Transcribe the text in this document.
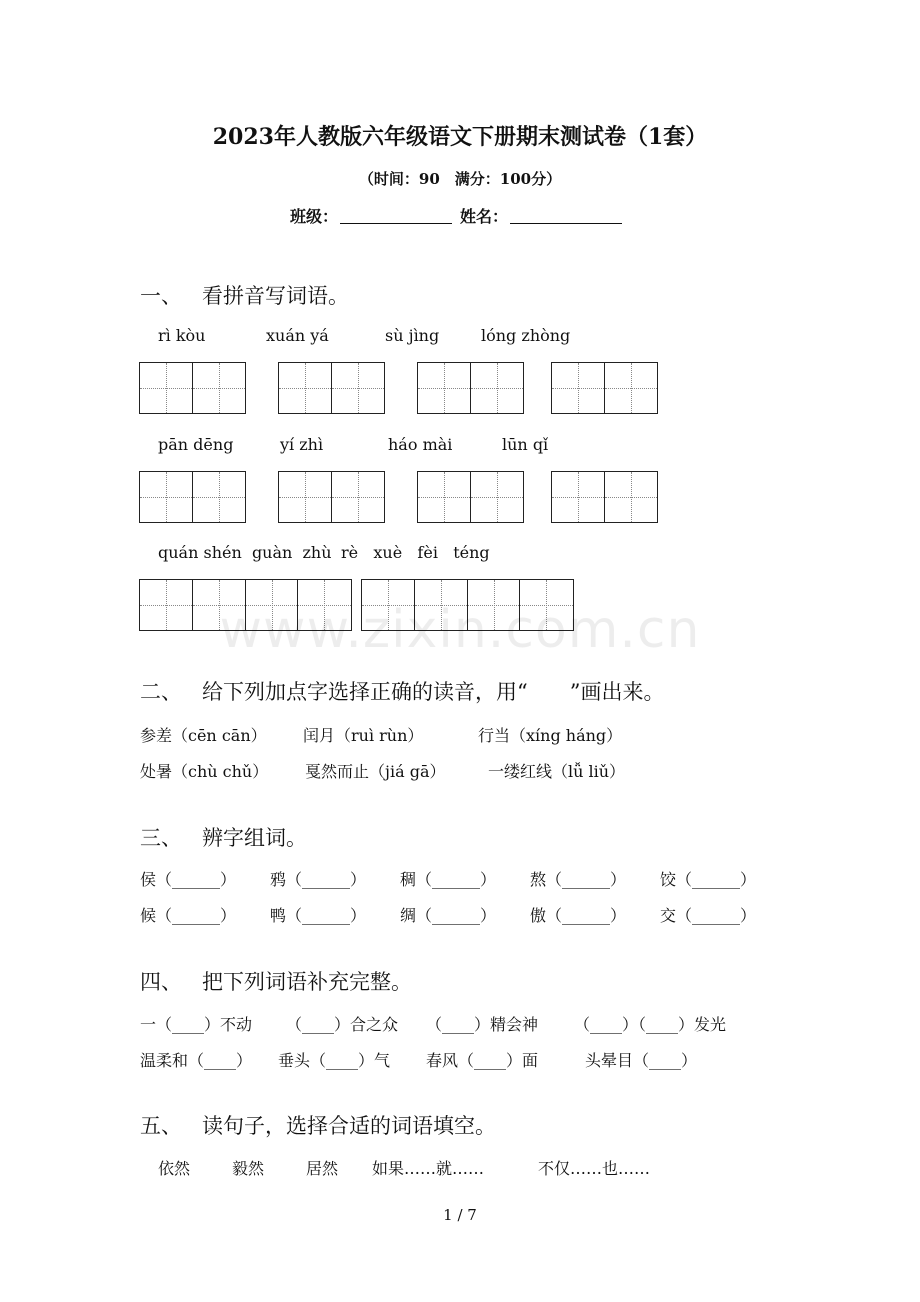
2023年人教版六年级语文下册期末测试卷（1套）
（时间：90　满分：100分）
班级：	姓名：
一、 看拼音写词语。
rì kòu	xuán yá	sù jìng	lóng zhòng
pān dēng	yí zhì	háo mài	lūn qǐ
quán shén  guàn  zhù rè   xuè   fèi   téng
www.zixin.com.cn
二、 给下列加点字选择正确的读音，用“　　”画出来。
参差（cēn cān） 闰月（ruì rùn）	行当（xíng háng）
处暑（chù chǔ） 戛然而止（jiá gā）	一缕红线（lǚ liǔ）
三、 辨字组词。
侯（______） 鸦（______） 稠（______） 熬（______） 饺（______）
候（______） 鸭（______） 绸（______） 傲（______） 交（______）
四、 把下列词语补充完整。
一（____）不动 （____）合之众 （____）精会神 （____）（____）发光
温柔和（____） 垂头（____）气 春风（____）面	头晕目（____）
五、 读句子，选择合适的词语填空。
依然	毅然	居然 如果……就……	不仅……也……
1 / 7
